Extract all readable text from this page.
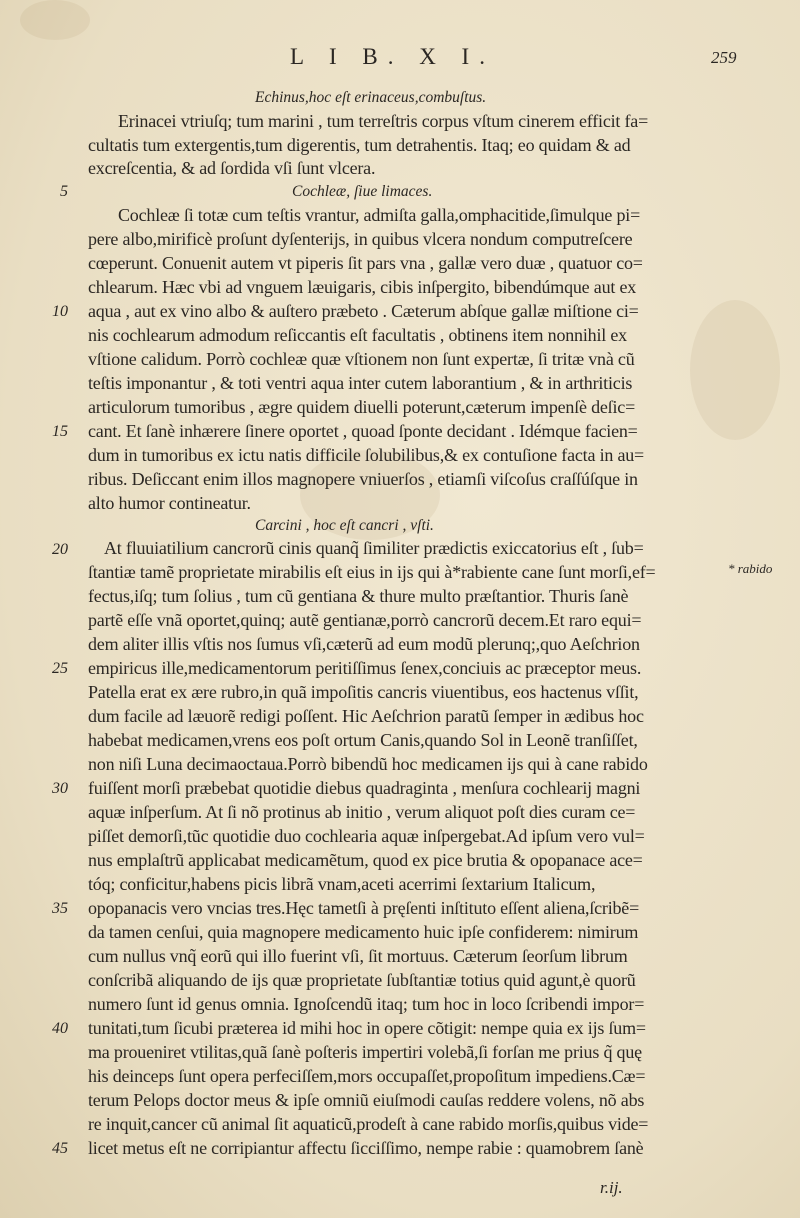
L I B. X I.	259
Echinus,hoc eſt erinaceus,combuſtus.
Erinacei vtriuſq; tum marini , tum terreſtris corpus vſtum cinerem efficit fa=
cultatis tum extergentis,tum digerentis, tum detrahentis. Itaq; eo quidam & ad
excreſcentia, & ad ſordida vſi ſunt vlcera.
Cochleæ, ſiue limaces.
Cochleæ ſi totæ cum teſtis vrantur, admiſta galla,omphacitide,ſimulque pi=
pere albo,mirificè proſunt dyſenterijs, in quibus vlcera nondum computreſcere
cœperunt. Conuenit autem vt piperis ſit pars vna , gallæ vero duæ , quatuor co=
chlearum. Hæc vbi ad vnguem læuigaris, cibis inſpergito, bibendúmque aut ex
aqua , aut ex vino albo & auſtero præbeto . Cæterum abſque gallæ miſtione ci=
nis cochlearum admodum reſiccantis eſt facultatis , obtinens item nonnihil ex
vſtione calidum. Porrò cochleæ quæ vſtionem non ſunt expertæ, ſi tritæ vnà cũ
teſtis imponantur , & toti ventri aqua inter cutem laborantium , & in arthriticis
articulorum tumoribus , ægre quidem diuelli poterunt,cæterum impenſè deſic=
cant. Et ſanè inhærere ſinere oportet , quoad ſponte decidant . Idémque facien=
dum in tumoribus ex ictu natis difficile ſolubilibus,& ex contuſione facta in au=
ribus. Deſiccant enim illos magnopere vniuerſos , etiamſi viſcoſus craſſúſque in
alto humor contineatur.
Carcini , hoc eſt cancri , vſti.
At fluuiatilium cancrorũ cinis quanq̃ ſimiliter prædictis exiccatorius eſt , ſub=
ſtantiæ tamẽ proprietate mirabilis eſt eius in ijs qui à*rabiente cane ſunt morſi,ef=
fectus,iſq; tum ſolius , tum cũ gentiana & thure multo præſtantior. Thuris ſanè
partẽ eſſe vnã oportet,quinq; autẽ gentianæ,porrò cancrorũ decem.Et raro equi=
dem aliter illis vſtis nos ſumus vſi,cæterũ ad eum modũ plerunq;,quo Aeſchrion
empiricus ille,medicamentorum peritiſſimus ſenex,conciuis ac præceptor meus.
Patella erat ex ære rubro,in quã impoſitis cancris viuentibus, eos hactenus vſſit,
dum facile ad læuorẽ redigi poſſent. Hic Aeſchrion paratũ ſemper in ædibus hoc
habebat medicamen,vrens eos poſt ortum Canis,quando Sol in Leonẽ tranſiſſet,
non niſi Luna decimaoctaua.Porrò bibendũ hoc medicamen ijs qui à cane rabido
fuiſſent morſi præbebat quotidie diebus quadraginta , menſura cochlearij magni
aquæ inſperſum. At ſi nõ protinus ab initio , verum aliquot poſt dies curam ce=
piſſet demorſi,tũc quotidie duo cochlearia aquæ inſpergebat.Ad ipſum vero vul=
nus emplaſtrũ applicabat medicamẽtum, quod ex pice brutia & opopanace ace=
tóq; conficitur,habens picis librã vnam,aceti acerrimi ſextarium Italicum,
opopanacis vero vncias tres.Hęc tametſi à pręſenti inſtituto eſſent aliena,ſcribẽ=
da tamen cenſui, quia magnopere medicamento huic ipſe confiderem: nimirum
cum nullus vnq̃ eorũ qui illo fuerint vſi, ſit mortuus. Cæterum ſeorſum librum
conſcribã aliquando de ijs quæ proprietate ſubſtantiæ totius quid agunt,è quorũ
numero ſunt id genus omnia. Ignoſcendũ itaq; tum hoc in loco ſcribendi impor=
tunitati,tum ſicubi præterea id mihi hoc in opere cõtigit: nempe quia ex ijs ſum=
ma proueniret vtilitas,quã ſanè poſteris impertiri volebã,ſi forſan me prius q̃ quę
his deinceps ſunt opera perfeciſſem,mors occupaſſet,propoſitum impediens.Cæ=
terum Pelops doctor meus & ipſe omniũ eiuſmodi cauſas reddere volens, nõ abs
re inquit,cancer cũ animal ſit aquaticũ,prodeſt à cane rabido morſis,quibus vide=
licet metus eſt ne corripiantur affectu ſicciſſimo, nempe rabie : quamobrem ſanè
5
10
15
20
25
30
35
40
45
* rabido
r.ij.
